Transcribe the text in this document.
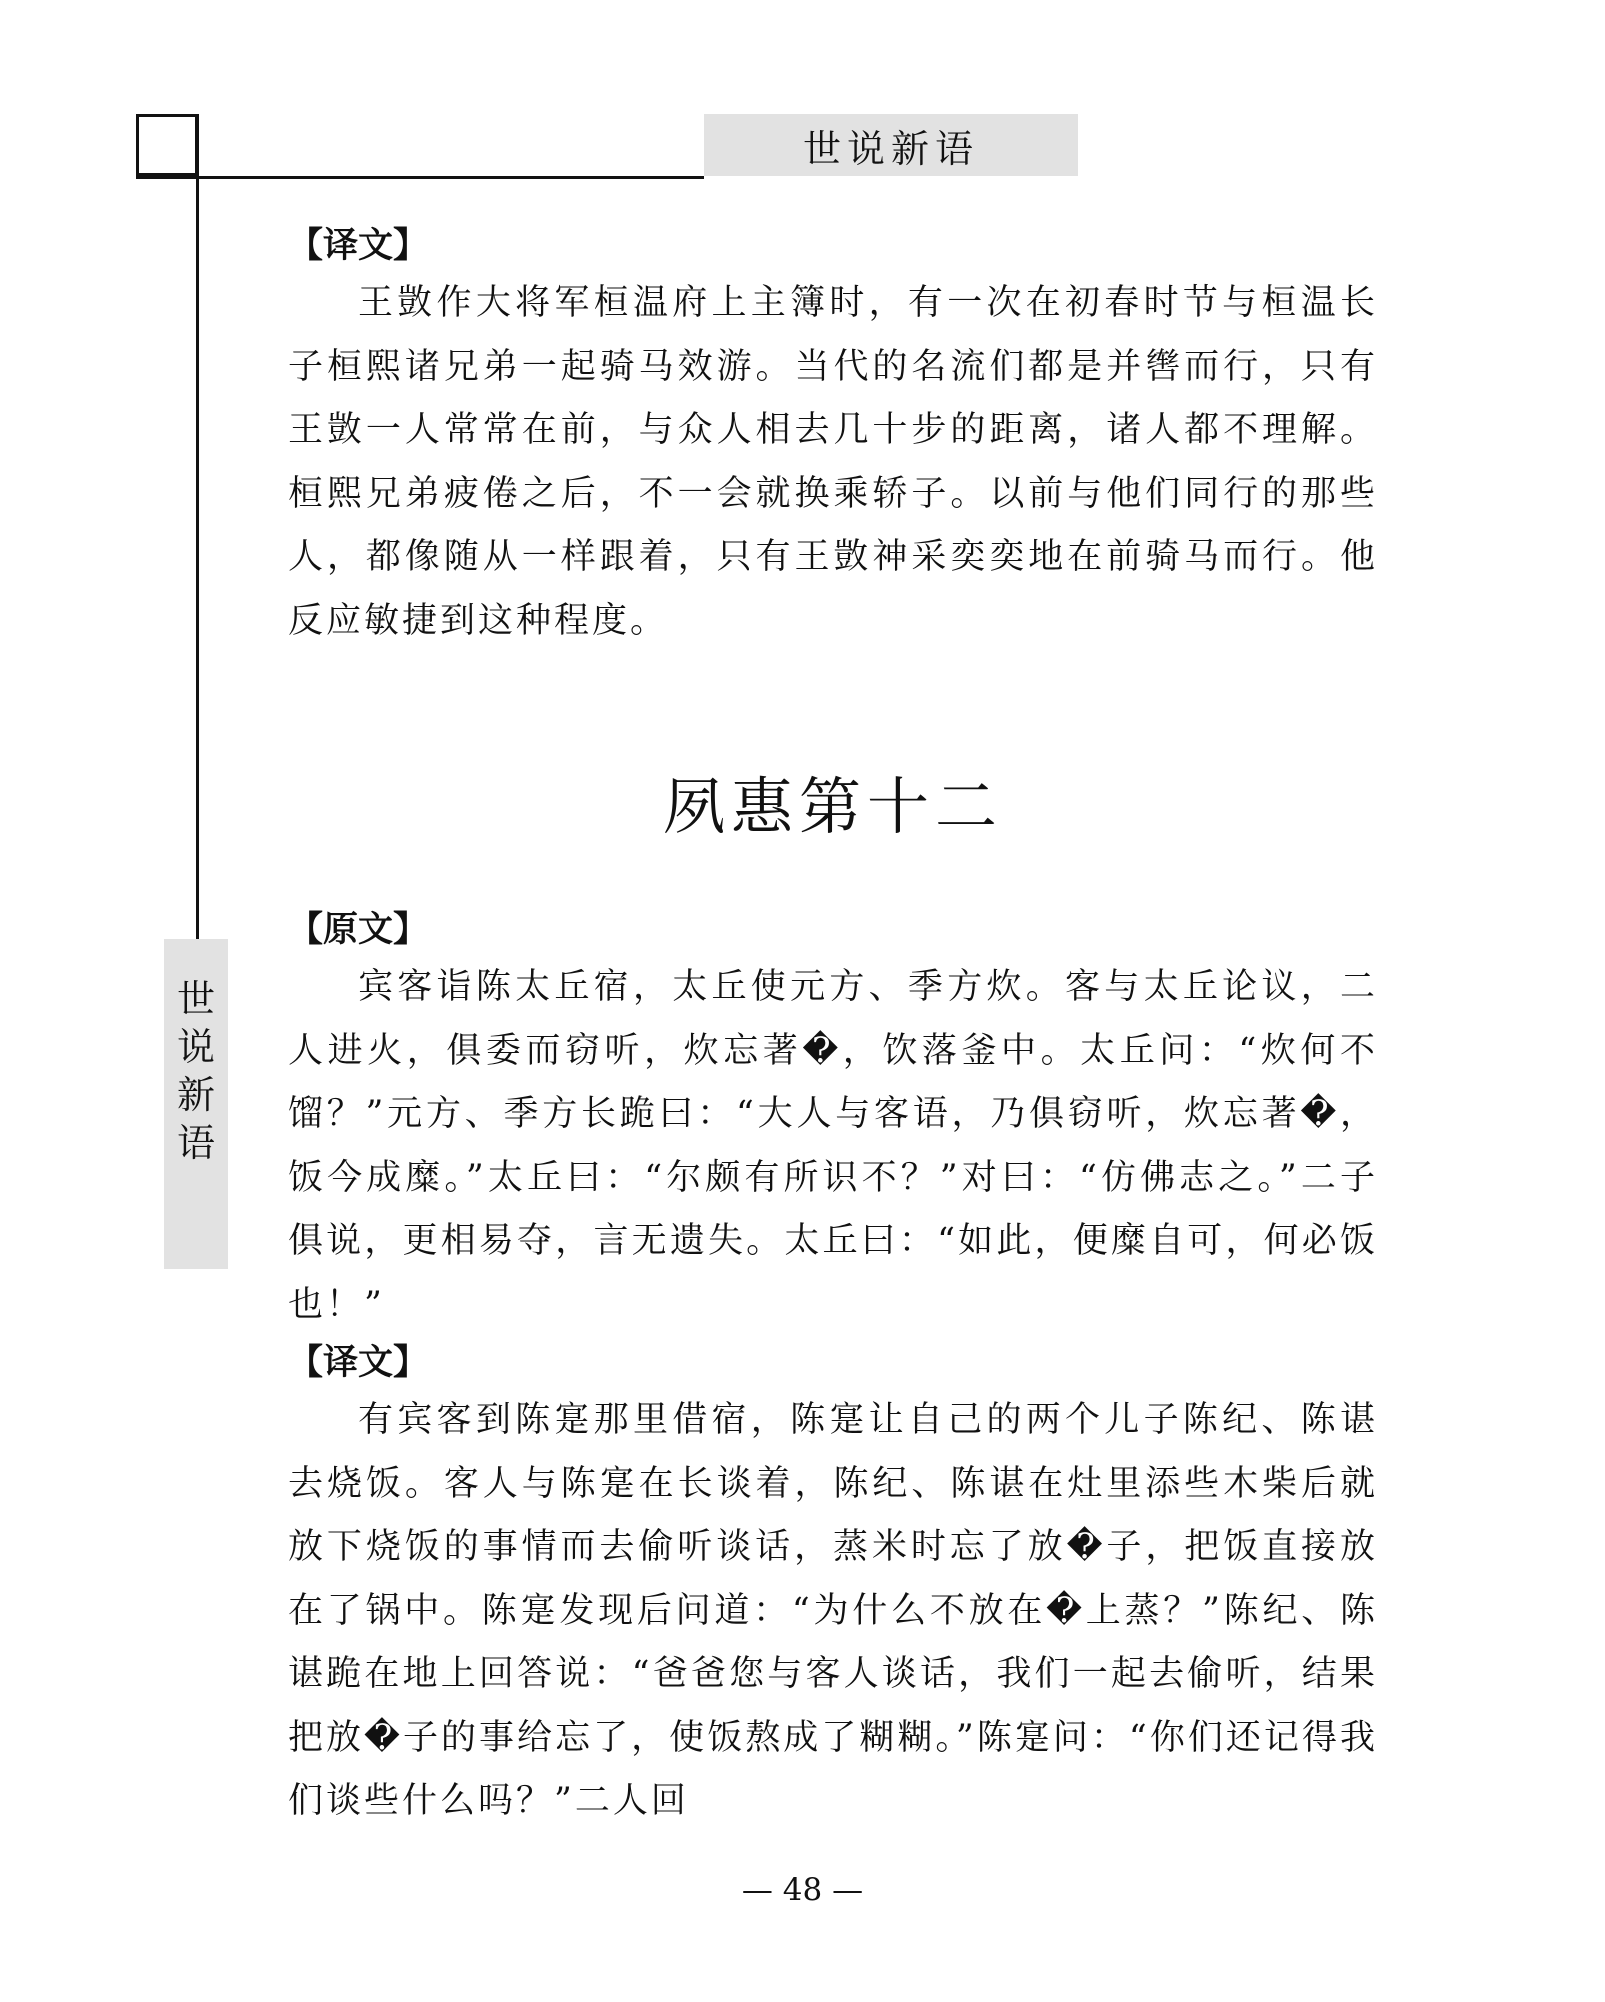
世说新语
世
说
新
语

【译文】

王敳作大将军桓温府上主簿时，有一次在初春时节与桓温长子桓熙诸兄弟一起骑马效游。当代的名流们都是并辔而行，只有王敳一人常常在前，与众人相去几十步的距离，诸人都不理解。桓熙兄弟疲倦之后，不一会就换乘轿子。以前与他们同行的那些人，都像随从一样跟着，只有王敳神采奕奕地在前骑马而行。他反应敏捷到这种程度。

夙惠第十二

【原文】

宾客诣陈太丘宿，太丘使元方、季方炊。客与太丘论议，二人进火，俱委而窃听，炊忘著�，饮落釜中。太丘问：“炊何不馏？”元方、季方长跪曰：“大人与客语，乃俱窃听，炊忘著�，饭今成糜。”太丘曰：“尔颇有所识不？”对曰：“仿佛志之。”二子俱说，更相易夺，言无遗失。太丘曰：“如此，便糜自可，何必饭也！”

【译文】

有宾客到陈寔那里借宿，陈寔让自己的两个儿子陈纪、陈谌去烧饭。客人与陈寔在长谈着，陈纪、陈谌在灶里添些木柴后就放下烧饭的事情而去偷听谈话，蒸米时忘了放�子，把饭直接放在了锅中。陈寔发现后问道：“为什么不放在�上蒸？”陈纪、陈谌跪在地上回答说：“爸爸您与客人谈话，我们一起去偷听，结果把放�子的事给忘了，使饭熬成了糊糊。”陈寔问：“你们还记得我们谈些什么吗？”二人回

— 48 —
